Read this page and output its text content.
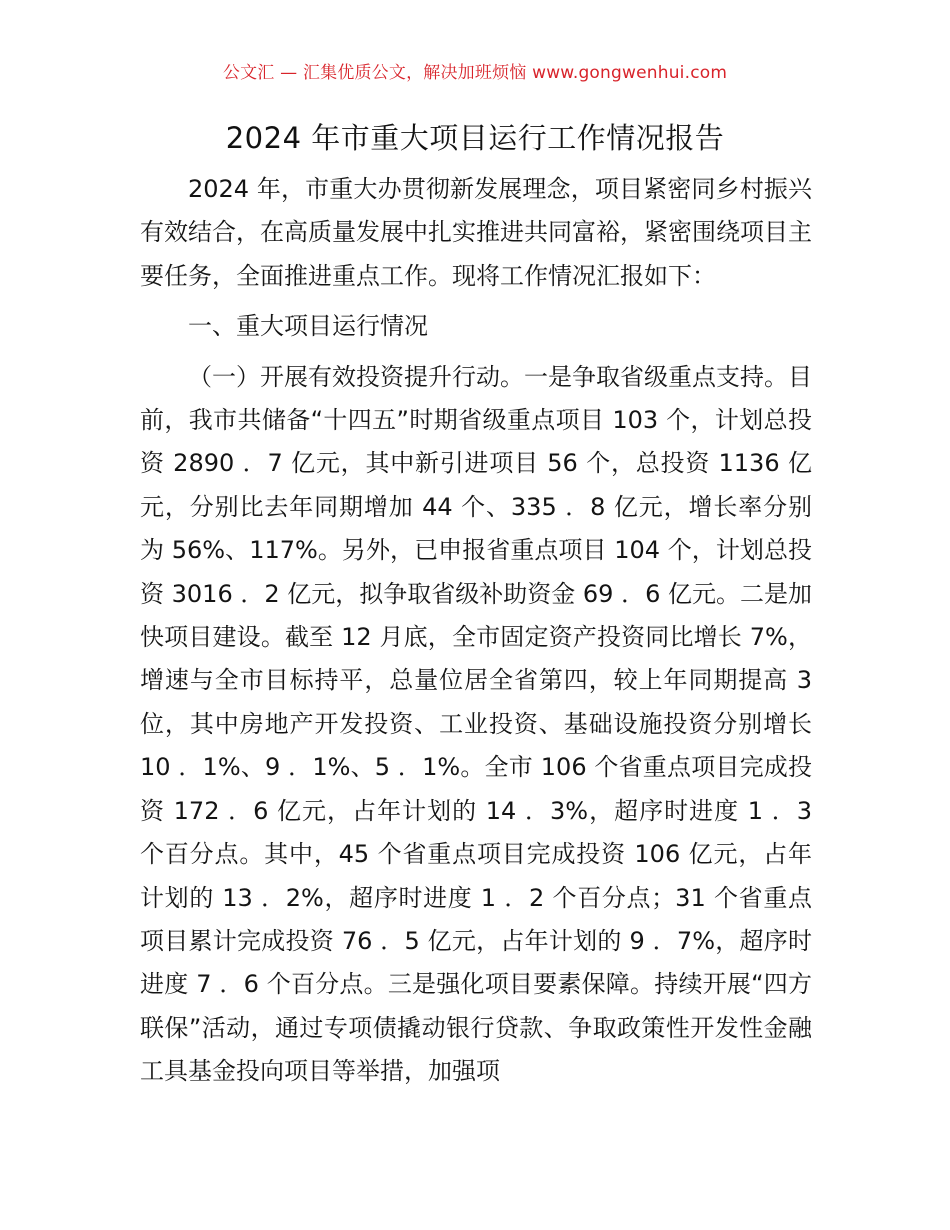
公文汇 — 汇集优质公文，解决加班烦恼 www.gongwenhui.com
2024 年市重大项目运行工作情况报告

2024 年，市重大办贯彻新发展理念，项目紧密同乡村振兴有效结合，在高质量发展中扎实推进共同富裕，紧密围绕项目主要任务，全面推进重点工作。现将工作情况汇报如下：

一、重大项目运行情况

（一）开展有效投资提升行动。一是争取省级重点支持。目前，我市共储备“十四五”时期省级重点项目 103 个，计划总投资 2890 ．7 亿元，其中新引进项目 56 个，总投资 1136 亿元，分别比去年同期增加 44 个、335 ．8 亿元，增长率分别为 56%、117%。另外，已申报省重点项目 104 个，计划总投资 3016 ．2 亿元，拟争取省级补助资金 69 ．6 亿元。二是加快项目建设。截至 12 月底，全市固定资产投资同比增长 7%，增速与全市目标持平，总量位居全省第四，较上年同期提高 3 位，其中房地产开发投资、工业投资、基础设施投资分别增长 10 ．1%、9 ．1%、5 ．1%。全市 106 个省重点项目完成投资 172 ．6 亿元，占年计划的 14 ．3%，超序时进度 1 ．3 个百分点。其中，45 个省重点项目完成投资 106 亿元，占年计划的 13 ．2%，超序时进度 1 ．2 个百分点；31 个省重点项目累计完成投资 76 ．5 亿元，占年计划的 9 ．7%，超序时进度 7 ．6 个百分点。三是强化项目要素保障。持续开展“四方联保”活动，通过专项债撬动银行贷款、争取政策性开发性金融工具基金投向项目等举措，加强项
